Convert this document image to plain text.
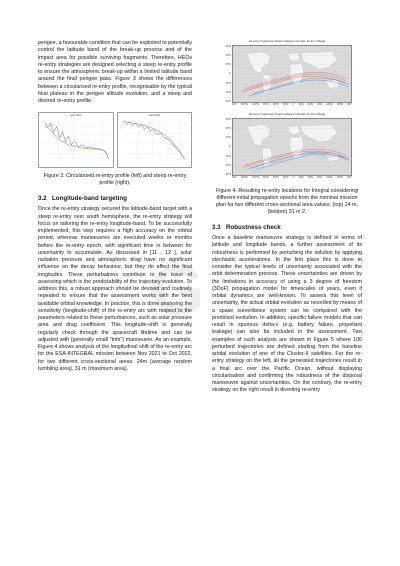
G

perigee, a favourable condition that can be exploited to potentially control the latitude band of the break-up process and of the impact area for possible surviving fragments. Therefore, HEOs re-entry strategies are designed selecting a steep re-entry profile to ensure the atmospheric break-up within a limited latitude band around the final perigee pass. Figure 3 shows the differences between a circularised re-entry profile, recognisable by the typical final plateau in the perigee altitude evolution, and a steep and desired re-entry profile.

Low Orbit	Last Orbit

Figure 3. Circularised re-entry profile (left) and steep re-entry profile (right).

3.2 Longitude-band targeting

Once the re-entry strategy secured the latitude-band target with a steep re-entry over south hemisphere, the re-entry strategy will focus on tailoring the re-entry longitude-band. To be successfully implemented, this step requires a high accuracy on the orbital period, whereas manoeuvres are executed weeks or months before the re-entry epoch, with significant time in between for uncertainty to accumulate. As discussed in [11 , 12 ], solar radiation pressure and atmospheric drag have no significant influence on the decay behaviour, but they do affect the final longitudes. These perturbations contribute to the issue of assessing which is the predictability of the trajectory evolution. To address this, a robust approach should be devised and routinely repeated to ensure that the assessment works with the best available orbital knowledge. In practice, this is done analysing the sensitivity (longitude-shift) of the re-entry arc with respect to the parameters related to these perturbances, such as solar pressure area and drag coefficient. This longitude-shift is generally regularly check through the spacecraft lifetime and can be adjusted with (generally small "trim") manoeuvre. As an example, Figure 4 shows analysis of the longitudinal shift of the re-entry arc for the ESA-INTEGRAL mission between Nov 2021 to Oct 2022, for two different cross-sectional areas: 24m (average random tumbling area), 31 m (maximum area).

Re-entry Trajectories (Solar Irradiance Intervals: 24-31 m²/Drag)
90°N
60°N
30°N
0°
30°S
60°S
90°S
180° 150°W 120°W 90°W 60°W 30°W 0° 30°E 60°E 90°E 120°E 150°E 180°
Oct 2022
Nov 2021
Re-entry Trajectories (Solar Irradiance Intervals: 31-34 m²/Drag)
90°N
60°N
30°N
0°
30°S
60°S
90°S
180° 150°W 120°W 90°W 60°W 30°W 0° 30°E 60°E 90°E 120°E 150°E 180°
Oct 2022
Nov 2021

Figure 4. Resulting re-entry locations for Integral considering different initial propagation epochs from the nominal mission plan for two different cross-sectional area values: (top) 24 m, (bottom) 31 m 2.

3.3 Robustness check

Once a baseline manoeuvre strategy is defined in terms of latitude and longitude bands, a further assessment of its robustness is performed by perturbing the solution by applying stochastic accelerations. In the first place this is done to consider the typical levels of uncertainty associated with the orbit determination process. These uncertainties are driven by the limitations in accuracy of using a 3 degree of freedom (3DoF) propagation model for timescales of years, even if orbital dynamics are well-known. To assess this level of uncertainty, the actual orbital evolution as recorded by means of a space surveillance system can be compared with the predicted evolution. In addition, specific failure models that can result in spurious delta-v (e.g. battery failure, propellant leakage) can also be included in the assessment. Two examples of such analysis are shown in Figure 5 where 100 perturbed trajectories are defined starting from the baseline orbital evolution of one of the Cluster-II satellites. For the re-entry strategy on the left, all the generated trajectories result in a final arc over the Pacific Ocean, without displaying circularisation and confirming the robustness of the disposal manoeuvre against uncertainties. On the contrary, the re-entry strategy on the right result in diverting re-entry
